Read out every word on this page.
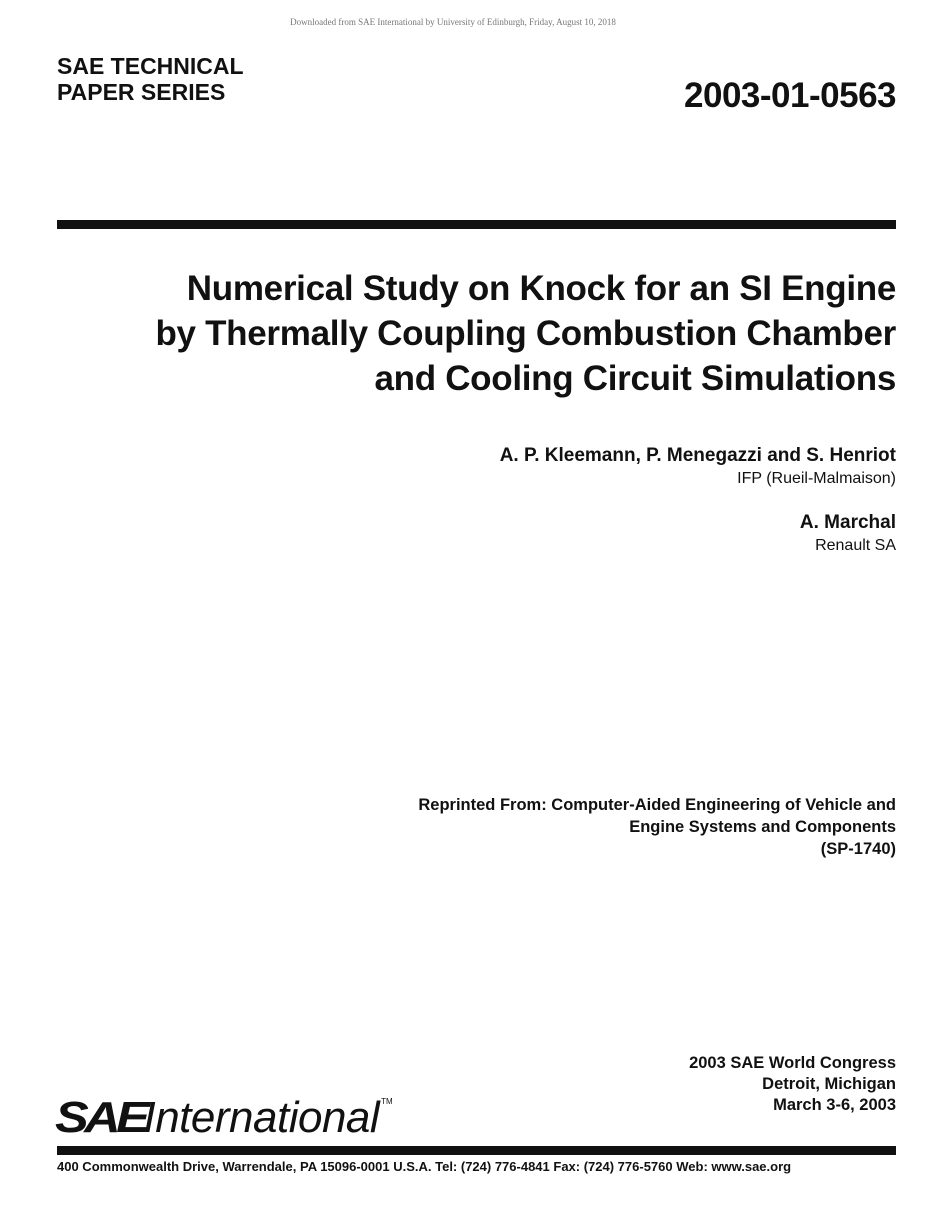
Downloaded from SAE International by University of Edinburgh, Friday, August 10, 2018
SAE TECHNICAL
PAPER SERIES	2003-01-0563
Numerical Study on Knock for an SI Engine
by Thermally Coupling Combustion Chamber
and Cooling Circuit Simulations
A. P. Kleemann, P. Menegazzi and S. Henriot
IFP (Rueil-Malmaison)
A. Marchal
Renault SA
Reprinted From: Computer-Aided Engineering of Vehicle and
Engine Systems and Components
(SP-1740)
2003 SAE World Congress
Detroit, Michigan
March 3-6, 2003
SAEInternational TM
400 Commonwealth Drive, Warrendale, PA 15096-0001 U.S.A. Tel: (724) 776-4841 Fax: (724) 776-5760 Web: www.sae.org
